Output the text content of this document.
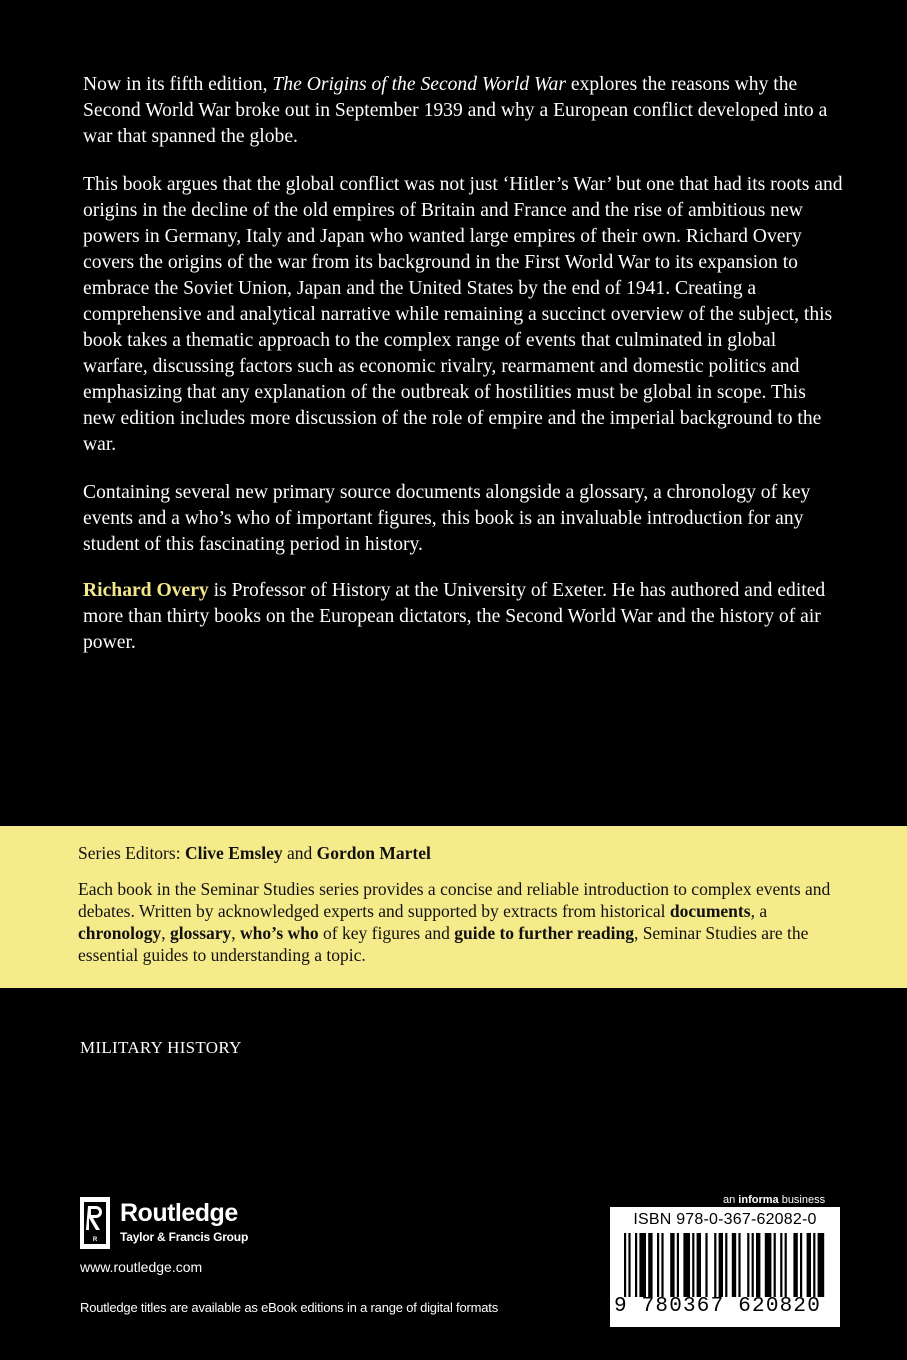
Now in its fifth edition, The Origins of the Second World War explores the reasons why the Second World War broke out in September 1939 and why a European conflict developed into a war that spanned the globe.

This book argues that the global conflict was not just ‘Hitler’s War’ but one that had its roots and origins in the decline of the old empires of Britain and France and the rise of ambitious new powers in Germany, Italy and Japan who wanted large empires of their own. Richard Overy covers the origins of the war from its background in the First World War to its expansion to embrace the Soviet Union, Japan and the United States by the end of 1941. Creating a comprehensive and analytical narrative while remaining a succinct overview of the subject, this book takes a thematic approach to the complex range of events that culminated in global warfare, discussing factors such as economic rivalry, rearmament and domestic politics and emphasizing that any explanation of the outbreak of hostilities must be global in scope. This new edition includes more discussion of the role of empire and the imperial background to the war.

Containing several new primary source documents alongside a glossary, a chronology of key events and a who’s who of important figures, this book is an invaluable introduction for any student of this fascinating period in history.

Richard Overy is Professor of History at the University of Exeter. He has authored and edited more than thirty books on the European dictators, the Second World War and the history of air power.

Series Editors: Clive Emsley and Gordon Martel
Each book in the Seminar Studies series provides a concise and reliable introduction to complex events and debates. Written by acknowledged experts and supported by extracts from historical documents, a chronology, glossary, who’s who of key figures and guide to further reading, Seminar Studies are the essential guides to understanding a topic.
MILITARY HISTORY
R
Routledge
Taylor & Francis Group
www.routledge.com
Routledge titles are available as eBook editions in a range of digital formats
an informa business
ISBN 978-0-367-62082-0
9 780367 620820
